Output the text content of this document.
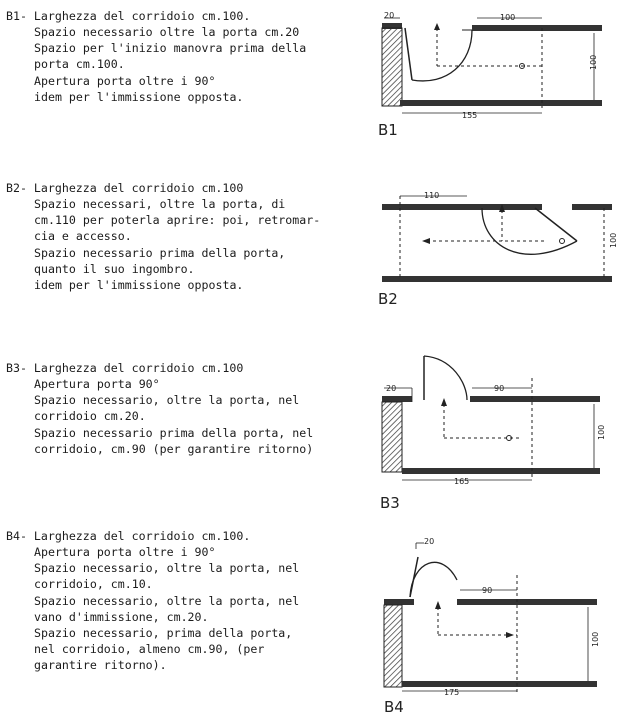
B1- Larghezza del corridoio cm.100.
Spazio necessario oltre la porta cm.20
Spazio per l'inizio manovra prima della
porta cm.100.
Apertura porta oltre i 90°
idem per l'immissione opposta.
B2- Larghezza del corridoio cm.100
Spazio necessari, oltre la porta, di
cm.110 per poterla aprire: poi, retromar-
cia e accesso.
Spazio necessario prima della porta,
quanto il suo ingombro.
idem per l'immissione opposta.
B3- Larghezza del corridoio cm.100
Apertura porta 90°
Spazio necessario, oltre la porta, nel
corridoio cm.20.
Spazio necessario prima della porta, nel
corridoio, cm.90 (per garantire ritorno)
B4- Larghezza del corridoio cm.100.
Apertura porta oltre i 90°
Spazio necessario, oltre la porta, nel
corridoio, cm.10.
Spazio necessario, oltre la porta, nel
vano d'immissione, cm.20.
Spazio necessario, prima della porta,
nel corridoio, almeno cm.90, (per
garantire ritorno).
20	100
100
155
B1
110
100
B2
20	90
100
165
B3
20
90
100
175
B4
